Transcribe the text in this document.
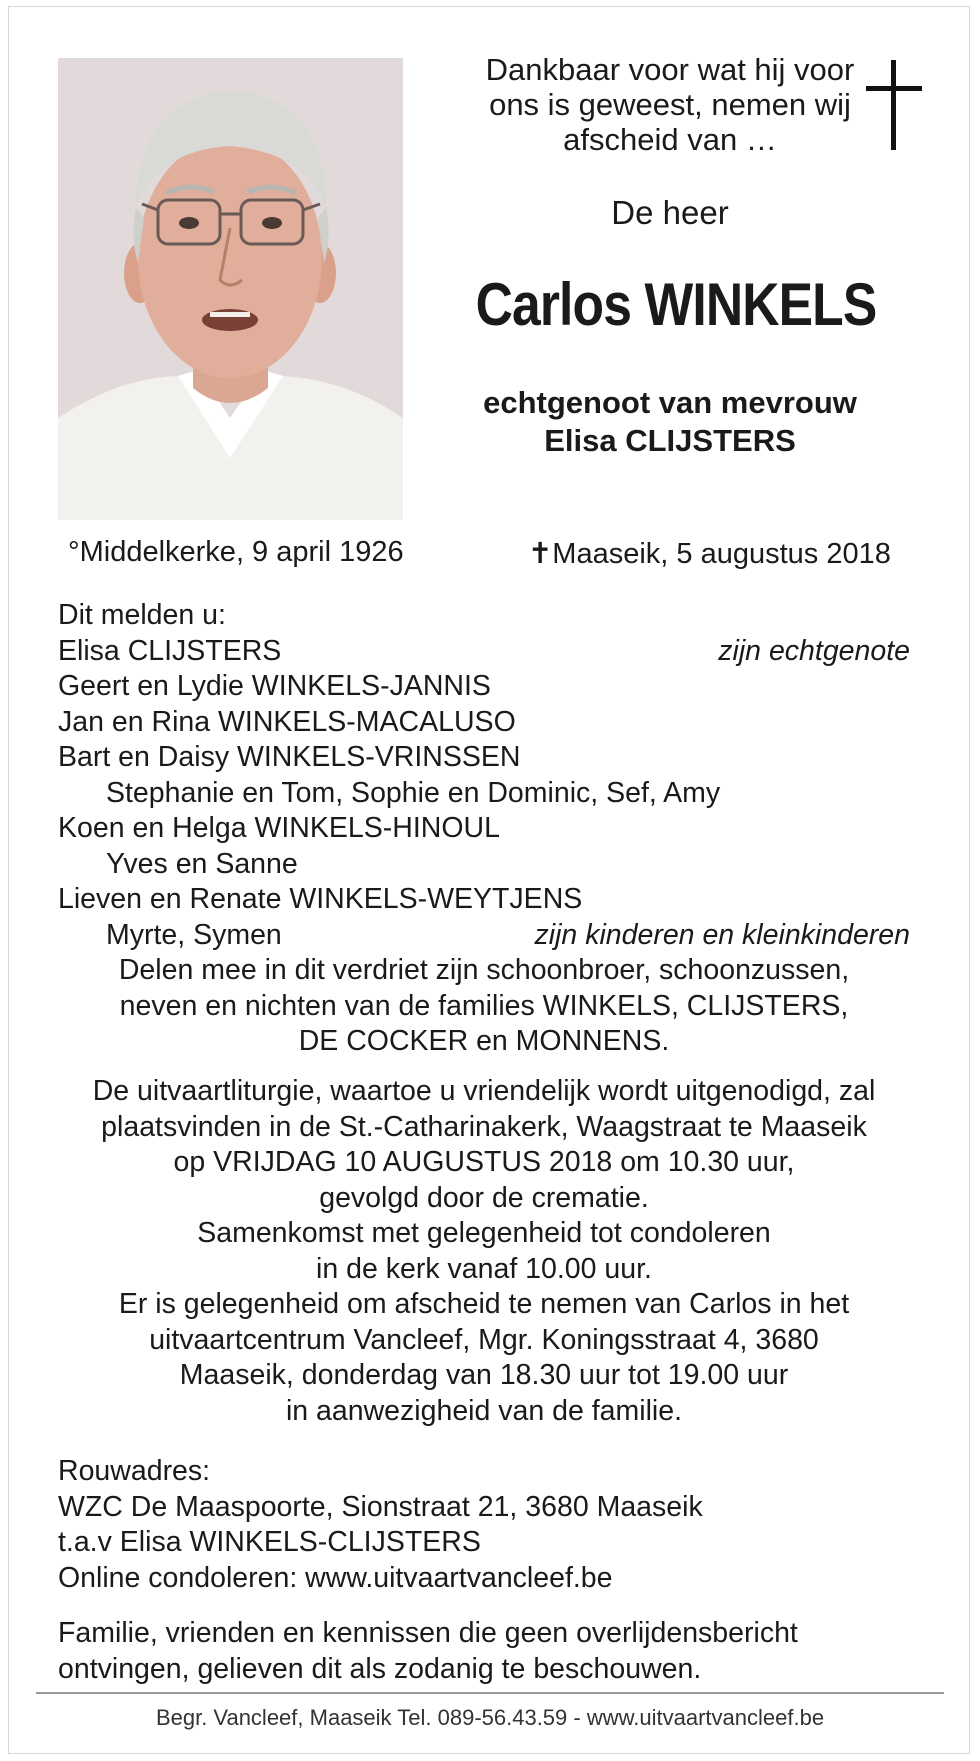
Dankbaar voor wat hij voor
ons is geweest, nemen wij
afscheid van …
De heer
Carlos WINKELS
echtgenoot van mevrouw
Elisa CLIJSTERS
°Middelkerke, 9 april 1926	✝Maaseik, 5 augustus 2018
Dit melden u:
Elisa CLIJSTERS	zijn echtgenote
Geert en Lydie WINKELS-JANNIS
Jan en Rina WINKELS-MACALUSO
Bart en Daisy WINKELS-VRINSSEN
Stephanie en Tom, Sophie en Dominic, Sef, Amy
Koen en Helga WINKELS-HINOUL
Yves en Sanne
Lieven en Renate WINKELS-WEYTJENS
Myrte, Symen	zijn kinderen en kleinkinderen
Delen mee in dit verdriet zijn schoonbroer, schoonzussen,
neven en nichten van de families WINKELS, CLIJSTERS,
DE COCKER en MONNENS.
De uitvaartliturgie, waartoe u vriendelijk wordt uitgenodigd, zal
plaatsvinden in de St.-Catharinakerk, Waagstraat te Maaseik
op VRIJDAG 10 AUGUSTUS 2018 om 10.30 uur,
gevolgd door de crematie.
Samenkomst met gelegenheid tot condoleren
in de kerk vanaf 10.00 uur.
Er is gelegenheid om afscheid te nemen van Carlos in het
uitvaartcentrum Vancleef, Mgr. Koningsstraat 4, 3680
Maaseik, donderdag van 18.30 uur tot 19.00 uur
in aanwezigheid van de familie.
Rouwadres:
WZC De Maaspoorte, Sionstraat 21, 3680 Maaseik
t.a.v Elisa WINKELS-CLIJSTERS
Online condoleren: www.uitvaartvancleef.be
Familie, vrienden en kennissen die geen overlijdensbericht
ontvingen, gelieven dit als zodanig te beschouwen.
Begr. Vancleef, Maaseik Tel. 089-56.43.59 - www.uitvaartvancleef.be
